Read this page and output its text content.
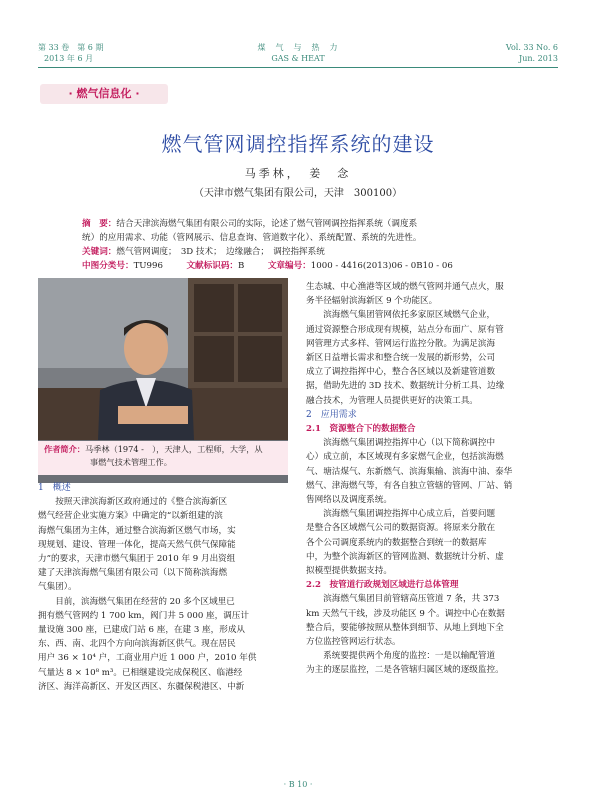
第 33 卷　第 6 期
2013 年 6 月
煤　气　与　热　力
GAS & HEAT
Vol. 33 No. 6
Jun. 2013
· 燃气信息化 ·
燃气管网调控指挥系统的建设
马季林，　姜　念
（天津市燃气集团有限公司，天津　300100）
摘　要：结合天津滨海燃气集团有限公司的实际，论述了燃气管网调控指挥系统（调度系
统）的应用需求、功能（管网展示、信息查询、管道数字化）、系统配置、系统的先进性。
关键词：燃气管网调度；　3D 技术；　边缘融合；　调控指挥系统
中图分类号：TU996	文献标识码：B	文章编号：1000 - 4416(2013)06 - 0B10 - 06
作者简介：马季林（1974 -　），天津人，工程师，大学，从
事燃气技术管理工作。
1　概述

按照天津滨海新区政府通过的《整合滨海新区

燃气经营企业实施方案》中确定的“以新组建的滨
海燃气集团为主体，通过整合滨海新区燃气市场，实
现规划、建设、管理一体化，提高天然气供气保障能
力”的要求，天津市燃气集团于 2010 年 9 月出资组
建了天津滨海燃气集团有限公司（以下简称滨海燃
气集团）。

目前，滨海燃气集团在经营的 20 多个区域里已

拥有燃气管网约 1 700 km，阀门井 5 000 座，调压计
量设施 300 座，已建成门站 6 座，在建 3 座，形成从
东、西、南、北四个方向向滨海新区供气。现在居民
用户 36 × 10⁴ 户，工商业用户近 1 000 户，2010 年供
气量达 8 × 10⁸ m³。已相继建设完成保税区、临港经
济区、海洋高新区、开发区西区、东疆保税港区、中新
生态城、中心渔港等区域的燃气管网并通气点火，服
务半径辐射滨海新区 9 个功能区。

滨海燃气集团管网依托多家原区域燃气企业，

通过资源整合形成现有规模，站点分布面广、原有管
网管理方式多样、管网运行监控分散。为满足滨海
新区日益增长需求和整合统一发展的新形势，公司
成立了调控指挥中心，整合各区域以及新建管道数
据，借助先进的 3D 技术、数据统计分析工具、边缘
融合技术，为管理人员提供更好的决策工具。
2　应用需求
2.1　资源整合下的数据整合

滨海燃气集团调控指挥中心（以下简称调控中

心）成立前，本区域现有多家燃气企业，包括滨海燃
气、塘沽煤气、东新燃气、滨海集输、滨海中油、泰华
燃气、津海燃气等，有各自独立管辖的管网、厂站、销
售网络以及调度系统。

滨海燃气集团调控指挥中心成立后，首要问题

是整合各区域燃气公司的数据资源。将原来分散在
各个公司调度系统内的数据整合到统一的数据库
中，为整个滨海新区的管网监测、数据统计分析、虚
拟模型提供数据支持。
2.2　按管道行政规划区域进行总体管理

滨海燃气集团目前管辖高压管道 7 条，共 373

km 天然气干线，涉及功能区 9 个。调控中心在数据
整合后，要能够按照从整体到细节、从地上到地下全
方位监控管网运行状态。

系统要提供两个角度的监控：一是以输配管道

为主的逐层监控，二是各管辖归属区域的逐级监控。
· B 10 ·
